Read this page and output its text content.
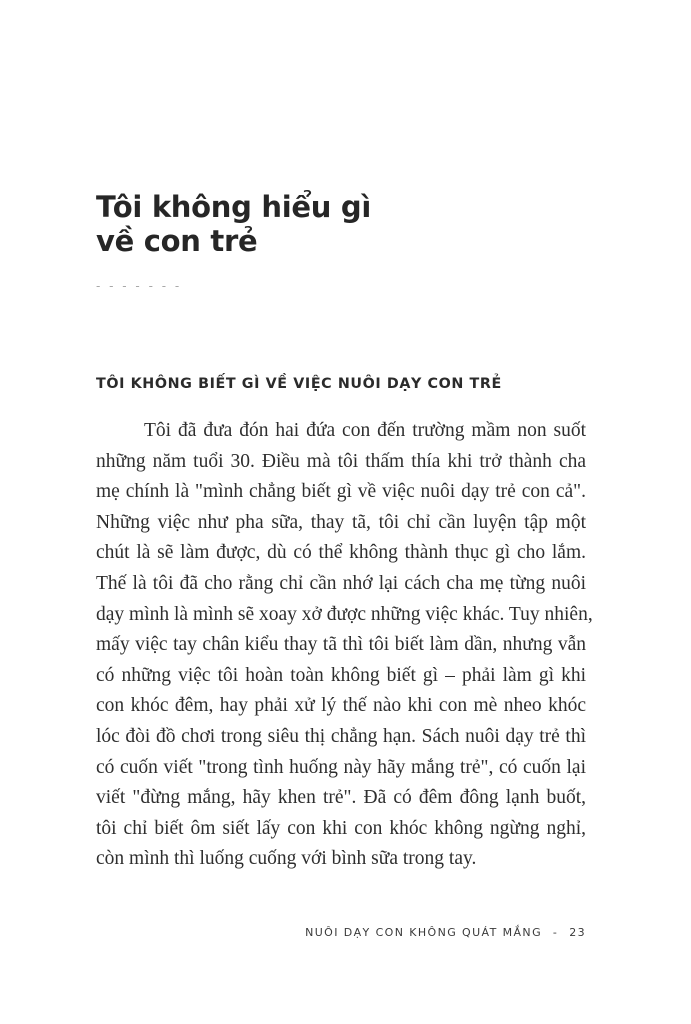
Tôi không hiểu gì
về con trẻ
- - - - - - -
TÔI KHÔNG BIẾT GÌ VỀ VIỆC NUÔI DẠY CON TRẺ
Tôi đã đưa đón hai đứa con đến trường mầm non suốt
những năm tuổi 30. Điều mà tôi thấm thía khi trở thành cha
mẹ chính là "mình chẳng biết gì về việc nuôi dạy trẻ con cả".
Những việc như pha sữa, thay tã, tôi chỉ cần luyện tập một
chút là sẽ làm được, dù có thể không thành thục gì cho lắm.
Thế là tôi đã cho rằng chỉ cần nhớ lại cách cha mẹ từng nuôi
dạy mình là mình sẽ xoay xở được những việc khác. Tuy nhiên,
mấy việc tay chân kiểu thay tã thì tôi biết làm dần, nhưng vẫn
có những việc tôi hoàn toàn không biết gì – phải làm gì khi
con khóc đêm, hay phải xử lý thế nào khi con mè nheo khóc
lóc đòi đồ chơi trong siêu thị chẳng hạn. Sách nuôi dạy trẻ thì
có cuốn viết "trong tình huống này hãy mắng trẻ", có cuốn lại
viết "đừng mắng, hãy khen trẻ". Đã có đêm đông lạnh buốt,
tôi chỉ biết ôm siết lấy con khi con khóc không ngừng nghỉ,
còn mình thì luống cuống với bình sữa trong tay.
NUÔI DẠY CON KHÔNG QUÁT MẮNG - 23
